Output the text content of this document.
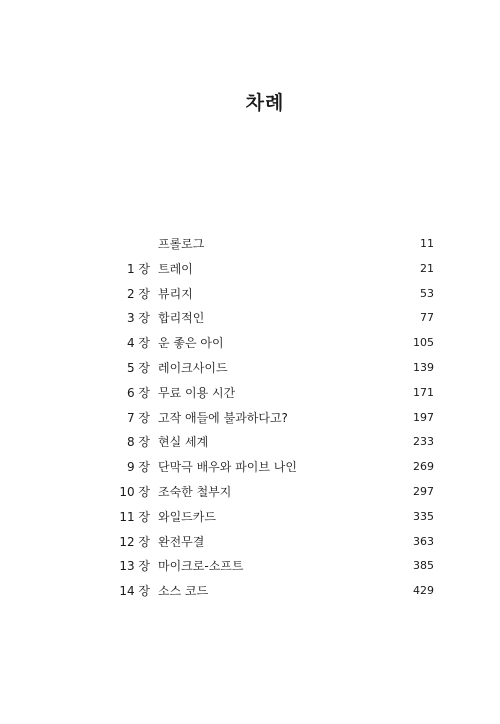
차례
프롤로그	11
1 장 트레이	21
2 장 뷰리지	53
3 장 합리적인	77
4 장 운 좋은 아이	105
5 장 레이크사이드	139
6 장 무료 이용 시간	171
7 장 고작 애들에 불과하다고?	197
8 장 현실 세계	233
9 장 단막극 배우와 파이브 나인	269
10 장 조숙한 철부지	297
11 장 와일드카드	335
12 장 완전무결	363
13 장 마이크로-소프트	385
14 장 소스 코드	429
